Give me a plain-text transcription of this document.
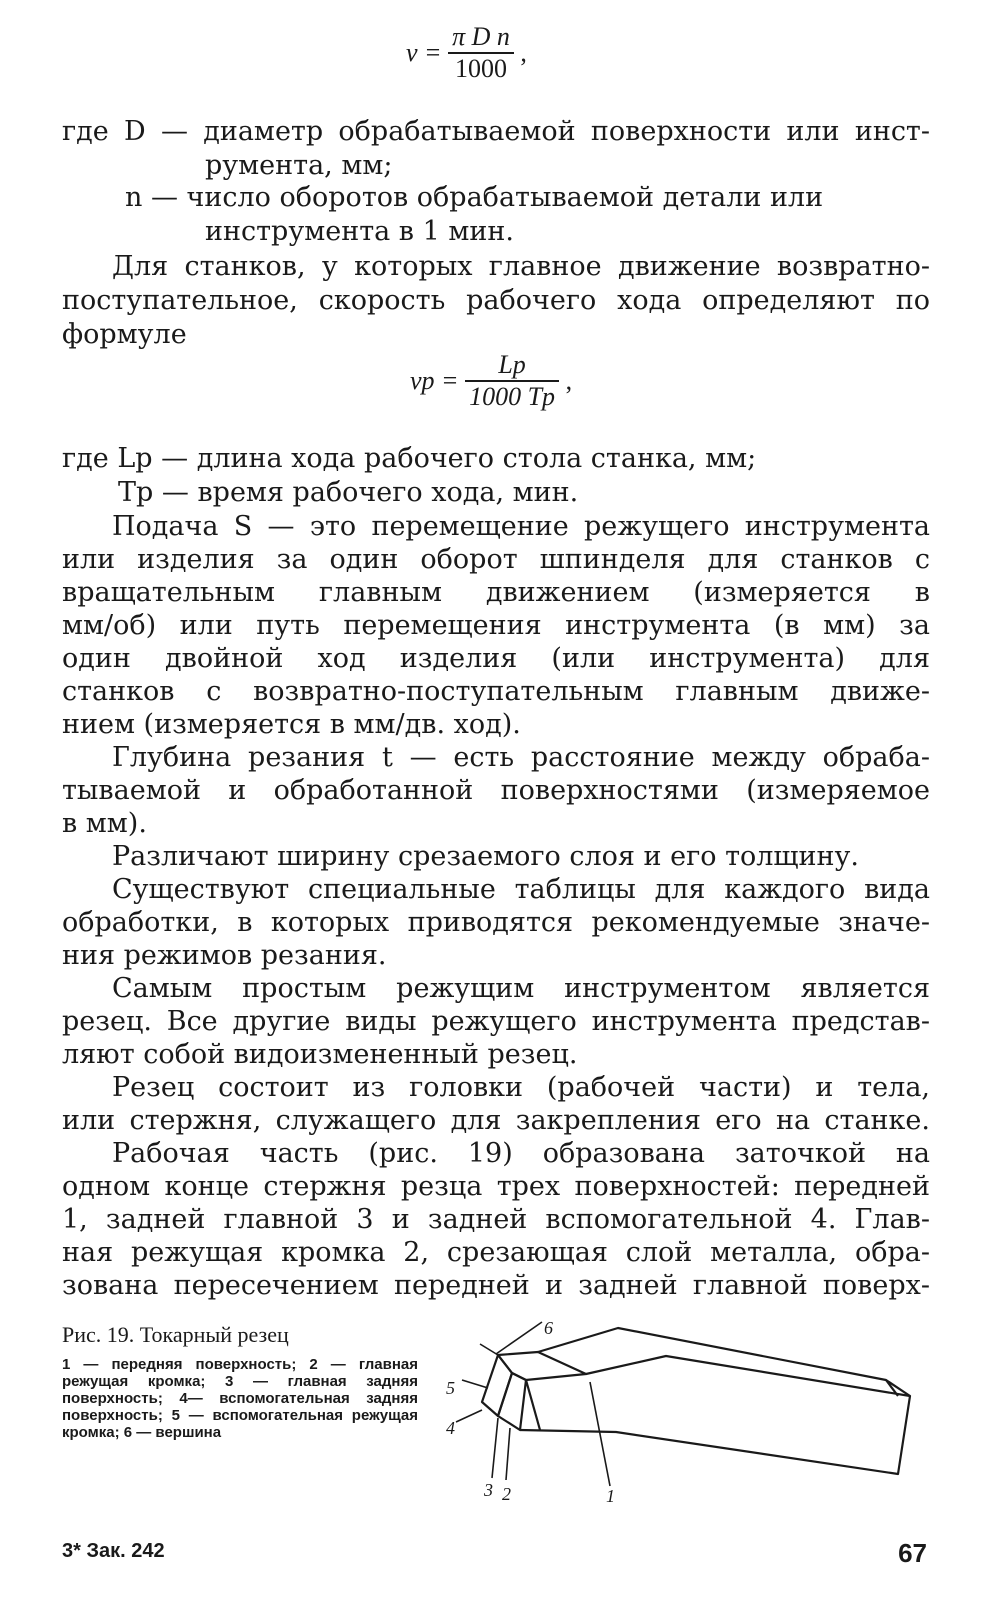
$v = \frac{\text{π D n}}{1000}$ ,
где D — диаметр обрабатываемой поверхности или инст-
румента, мм;
n — число оборотов обрабатываемой детали или
инструмента в 1 мин.
Для станков, у которых главное движение возвратно-
поступательное, скорость рабочего хода определяют по
формуле
vр = $\frac{Lр}{1000 Tр}$ ,
где Lр — длина хода рабочего стола станка, мм;
Tр — время рабочего хода, мин.
Подача S — это перемещение режущего инструмента
или изделия за один оборот шпинделя для станков с
вращательным главным движением (измеряется в
мм/об) или путь перемещения инструмента (в мм) за
один двойной ход изделия (или инструмента) для
станков с возвратно-поступательным главным движе-
нием (измеряется в мм/дв. ход).
Глубина резания t — есть расстояние между обраба-
тываемой и обработанной поверхностями (измеряемое
в мм).
Различают ширину срезаемого слоя и его толщину.
Существуют специальные таблицы для каждого вида
обработки, в которых приводятся рекомендуемые значе-
ния режимов резания.
Самым простым режущим инструментом является
резец. Все другие виды режущего инструмента представ-
ляют собой видоизмененный резец.
Резец состоит из головки (рабочей части) и тела,
или стержня, служащего для закрепления его на станке.
Рабочая часть (рис. 19) образована заточкой на
одном конце стержня резца трех поверхностей: передней
1, задней главной 3 и задней вспомогательной 4. Глав-
ная режущая кромка 2, срезающая слой металла, обра-
зована пересечением передней и задней главной поверх-
Рис. 19. Токарный резец
1 — передняя поверхность; 2 — главная режущая кромка; 3 — главная задняя поверхность; 4— вспомогательная задняя поверхность; 5 — вспомогательная режущая кромка; 6 — вершина
6
5
4
3 2	1
3* Зак. 242	67
